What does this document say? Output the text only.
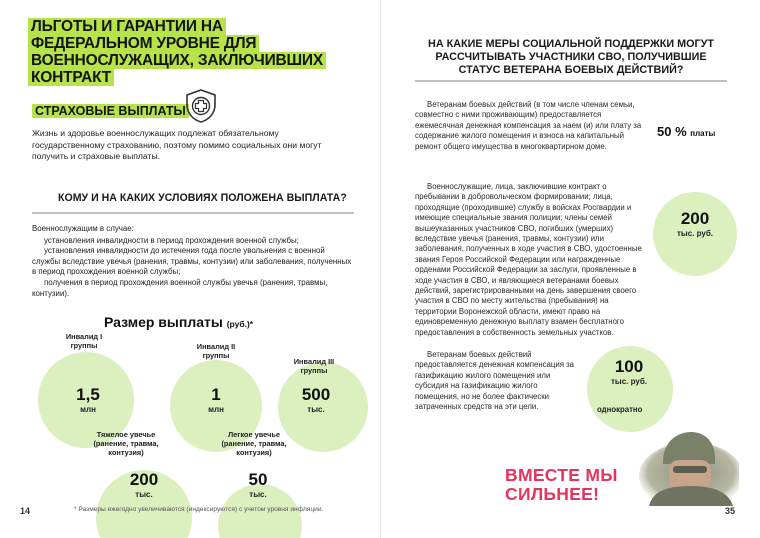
ЛЬГОТЫ И ГАРАНТИИ НА ФЕДЕРАЛЬНОМ УРОВНЕ ДЛЯ ВОЕННОСЛУЖАЩИХ, ЗАКЛЮЧИВШИХ КОНТРАКТ
СТРАХОВЫЕ ВЫПЛАТЫ
Жизнь и здоровье военнослужащих подлежат обязательному государственному страхованию, поэтому помимо социальных они могут получить и страховые выплаты.
КОМУ И НА КАКИХ УСЛОВИЯХ ПОЛОЖЕНА ВЫПЛАТА?

Военнослужащим в случае:

установления инвалидности в период прохождения военной службы;

установления инвалидности до истечения года после увольнения с военной службы вследствие увечья (ранения, травмы, контузии) или заболевания, полученных в период прохождения военной службы;

получения в период прохождения военной службы увечья (ранения, травмы, контузии).

Размер выплаты (руб.)*
Инвалид I группы
1,5
млн
Инвалид II группы
1
млн
Инвалид III группы
500
тыс.
Тяжелое увечье (ранение, травма, контузия)
200
тыс.
Легкое увечье (ранение, травма, контузия)
50
тыс.
14	* Размеры ежегодно увеличиваются (индексируются) с учетом уровня инфляции.
НА КАКИЕ МЕРЫ СОЦИАЛЬНОЙ ПОДДЕРЖКИ МОГУТ РАССЧИТЫВАТЬ УЧАСТНИКИ СВО, ПОЛУЧИВШИЕ СТАТУС ВЕТЕРАНА БОЕВЫХ ДЕЙСТВИЙ?

Ветеранам боевых действий (в том числе членам семьи, совместно с ними проживающим) предоставляется ежемесячная денежная компенсация за наем (и) или плату за содержание жилого помещения и взноса на капитальный ремонт общего имущества в многоквартирном доме.

50 % платы

Военнослужащие, лица, заключившие контракт о пребывании в добровольческом формировании; лица, проходящие (проходившие) службу в войсках Росгвардии и имеющие специальные звания полиции; члены семей вышеуказанных участников СВО, погибших (умерших) вследствие увечья (ранения, травмы, контузии) или заболевания, полученных в ходе участия в СВО, удостоенные звания Героя Российской Федерации или награжденные орденами Российской Федерации за заслуги, проявленные в ходе участия в СВО, и являющиеся ветеранами боевых действий, зарегистрированными на день завершения своего участия в СВО по месту жительства (пребывания) на территории Воронежской области, имеют право на единовременную денежную выплату взамен бесплатного предоставления в собственность земельных участков.

200
тыс. руб.

Ветеранам боевых действий предоставляется денежная компенсация за газификацию жилого помещения или субсидия на газификацию жилого помещения, но не более фактически затраченных средств на эти цели.

100
тыс. руб.
однократно
ВМЕСТЕ МЫ
СИЛЬНЕЕ!
35
